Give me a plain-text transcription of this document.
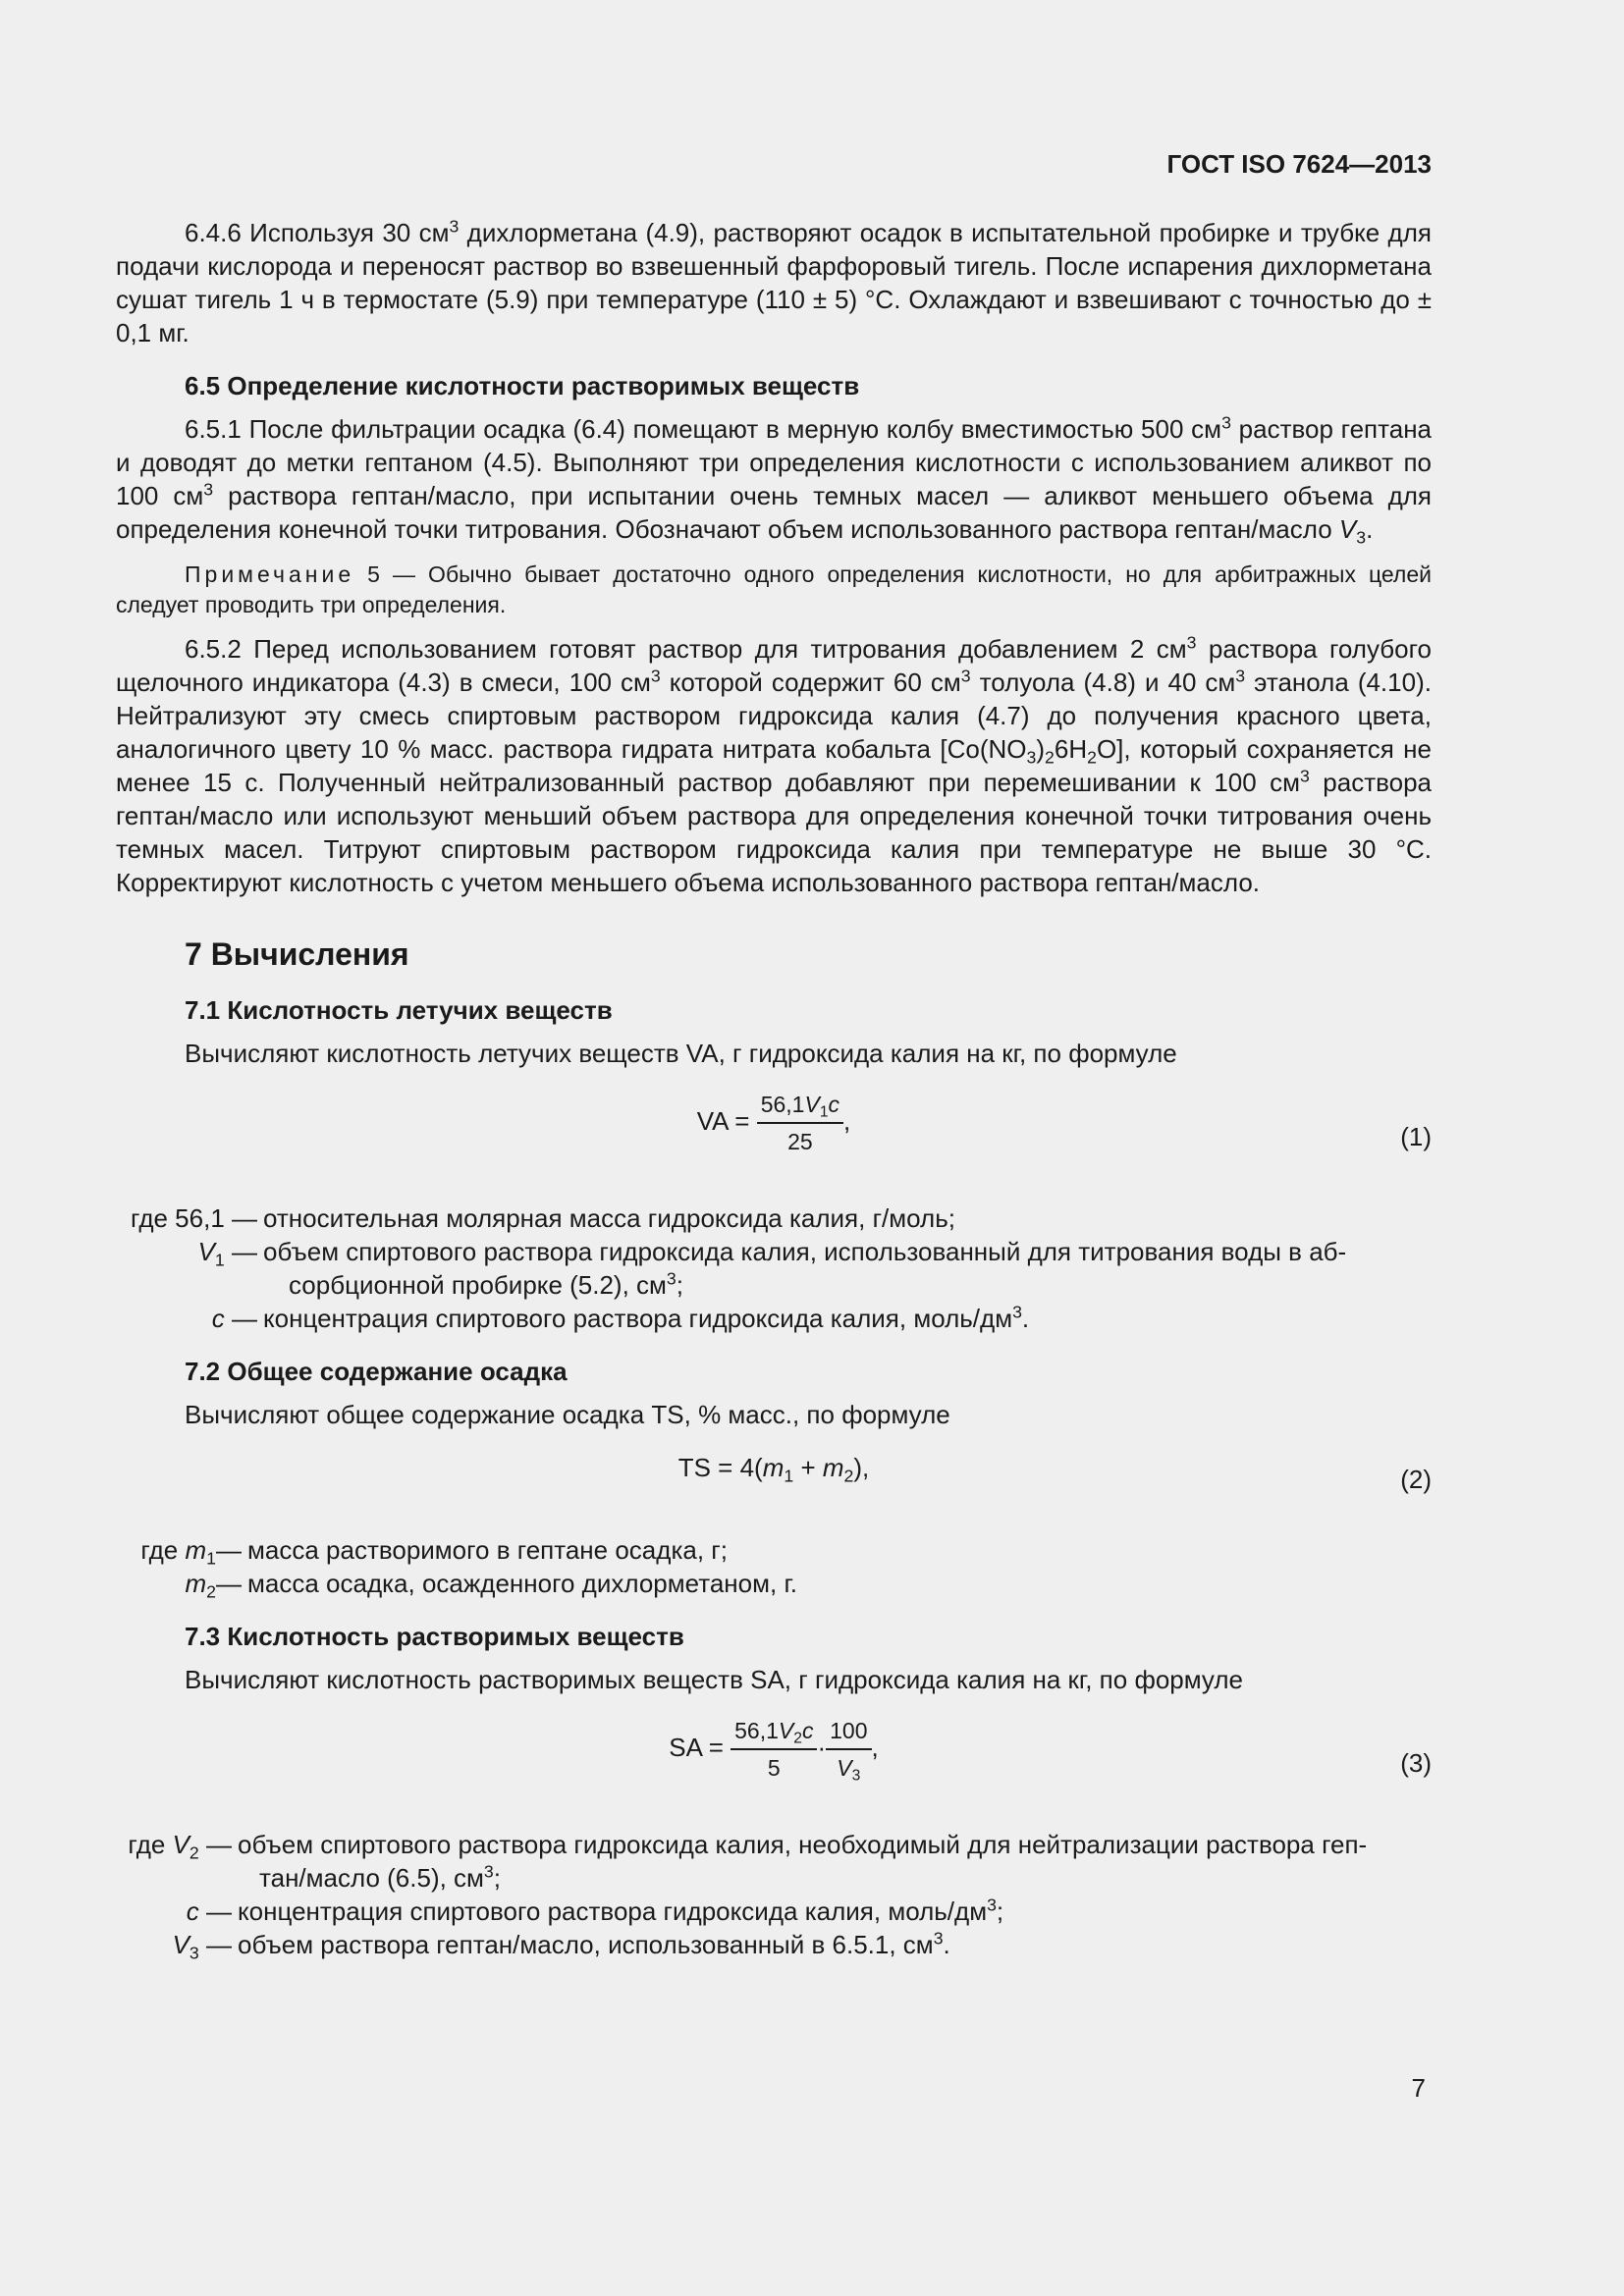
ГОСТ ISO 7624—2013

6.4.6 Используя 30 $см^3$ дихлорметана (4.9), растворяют осадок в испытательной пробирке и трубке для подачи кислорода и переносят раствор во взвешенный фарфоровый тигель. После испарения дихлорметана сушат тигель 1 ч в термостате (5.9) при температуре (110 ± 5) °С. Охлаждают и взвешивают с точностью до ± 0,1 мг.

6.5 Определение кислотности растворимых веществ

6.5.1 После фильтрации осадка (6.4) помещают в мерную колбу вместимостью 500 $см^3$ раствор гептана и доводят до метки гептаном (4.5). Выполняют три определения кислотности с использованием аликвот по 100 $см^3$ раствора гептан/масло, при испытании очень темных масел — аликвот меньшего объема для определения конечной точки титрования. Обозначают объем использованного раствора гептан/масло $V_3$.

Примечание 5 — Обычно бывает достаточно одного определения кислотности, но для арбитражных целей следует проводить три определения.

6.5.2 Перед использованием готовят раствор для титрования добавлением 2 $см^3$ раствора голубого щелочного индикатора (4.3) в смеси, 100 $см^3$ которой содержит 60 $см^3$ толуола (4.8) и 40 $см^3$ этанола (4.10). Нейтрализуют эту смесь спиртовым раствором гидроксида калия (4.7) до получения красного цвета, аналогичного цвету 10 % масс. раствора гидрата нитрата кобальта $[Co(NO_3)_26H_2O]$, который сохраняется не менее 15 с. Полученный нейтрализованный раствор добавляют при перемешивании к 100 $см^3$ раствора гептан/масло или используют меньший объем раствора для определения конечной точки титрования очень темных масел. Титруют спиртовым раствором гидроксида калия при температуре не выше 30 °С. Корректируют кислотность с учетом меньшего объема использованного раствора гептан/масло.

7 Вычисления

7.1 Кислотность летучих веществ

Вычисляют кислотность летучих веществ VA, г гидроксида калия на кг, по формуле

VA = $\frac{56,1V_1c}{25}$ ,
(1)
где 56,1 — относительная молярная масса гидроксида калия, г/моль;
$V_1$ — объем спиртового раствора гидроксида калия, использованный для титрования воды в аб-
сорбционной пробирке (5.2), $см^3$;
c — концентрация спиртового раствора гидроксида калия, моль/$дм^3$.

7.2 Общее содержание осадка

Вычисляют общее содержание осадка TS, % масс., по формуле

TS = $4(m_1 + m_2)$,	(2)
где $m_1—$ масса растворимого в гептане осадка, г;
$m_2—$ масса осадка, осажденного дихлорметаном, г.

7.3 Кислотность растворимых веществ

Вычисляют кислотность растворимых веществ SA, г гидроксида калия на кг, по формуле

SA = $\frac{56,1V_2c}{5} \cdot \frac{100}{V_3}$ ,
(3)
где $V_2$ — объем спиртового раствора гидроксида калия, необходимый для нейтрализации раствора геп-
тан/масло (6.5), $см^3$;
c — концентрация спиртового раствора гидроксида калия, моль/$дм^3$;
$V_3$ — объем раствора гептан/масло, использованный в 6.5.1, $см^3$.
7
